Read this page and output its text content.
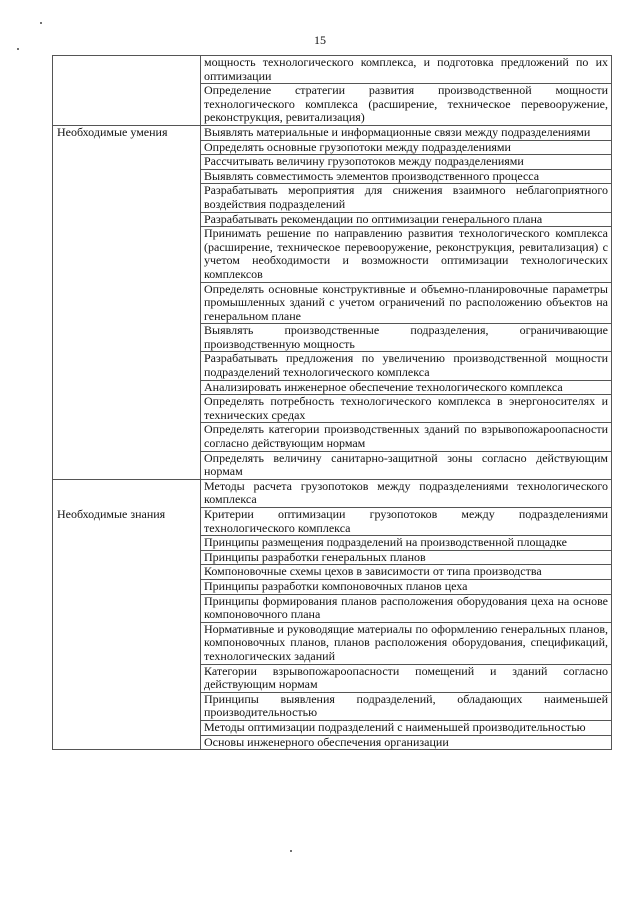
15
	мощность технологического комплекса, и подготовка предложений по их оптимизации
	Определение стратегии развития производственной мощности технологического комплекса (расширение, техническое перевооружение, реконструкция, ревитализация)
Необходимые умения	Выявлять материальные и информационные связи между подразделениями
	Определять основные грузопотоки между подразделениями
	Рассчитывать величину грузопотоков между подразделениями
	Выявлять совместимость элементов производственного процесса
	Разрабатывать мероприятия для снижения взаимного неблагоприятного воздействия подразделений
	Разрабатывать рекомендации по оптимизации генерального плана
	Принимать решение по направлению развития технологического комплекса (расширение, техническое перевооружение, реконструкция, ревитализация) с учетом необходимости и возможности оптимизации технологических комплексов
	Определять основные конструктивные и объемно-планировочные параметры промышленных зданий с учетом ограничений по расположению объектов на генеральном плане
	Выявлять производственные подразделения, ограничивающие производственную мощность
	Разрабатывать предложения по увеличению производственной мощности подразделений технологического комплекса
	Анализировать инженерное обеспечение технологического комплекса
	Определять потребность технологического комплекса в энергоносителях и технических средах
	Определять категории производственных зданий по взрывопожароопасности согласно действующим нормам
	Определять величину санитарно-защитной зоны согласно действующим нормам
	Методы расчета грузопотоков между подразделениями технологического комплекса
Необходимые знания	Критерии оптимизации грузопотоков между подразделениями технологического комплекса
	Принципы размещения подразделений на производственной площадке
	Принципы разработки генеральных планов
	Компоновочные схемы цехов в зависимости от типа производства
	Принципы разработки компоновочных планов цеха
	Принципы формирования планов расположения оборудования цеха на основе компоновочного плана
	Нормативные и руководящие материалы по оформлению генеральных планов, компоновочных планов, планов расположения оборудования, спецификаций, технологических заданий
	Категории взрывопожароопасности помещений и зданий согласно действующим нормам
	Принципы выявления подразделений, обладающих наименьшей производительностью
	Методы оптимизации подразделений с наименьшей производительностью
	Основы инженерного обеспечения организации
